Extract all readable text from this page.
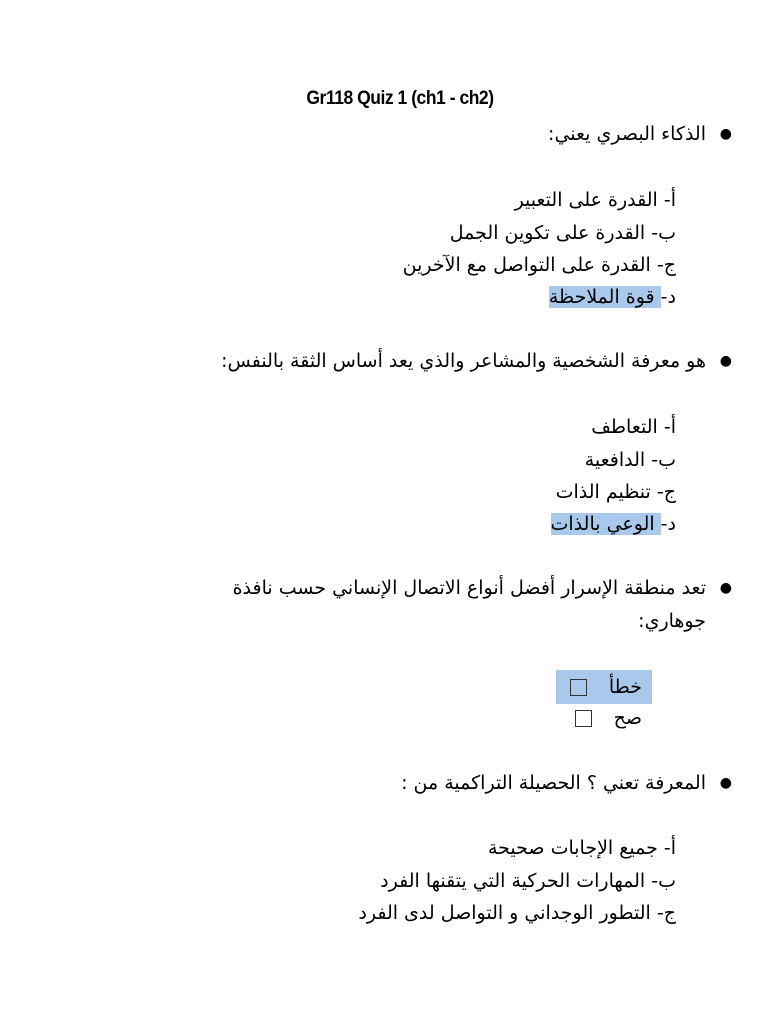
Gr118 Quiz 1 (ch1 - ch2)
●
الذكاء البصري يعني:
أ- القدرة على التعبير
ب- القدرة على تكوين الجمل
ج- القدرة على التواصل مع الآخرين
د- قوة الملاحظة
●
هو معرفة الشخصية والمشاعر والذي يعد أساس الثقة بالنفس:
أ- التعاطف
ب- الدافعية
ج- تنظيم الذات
د- الوعي بالذات
●
تعد منطقة الإسرار أفضل أنواع الاتصال الإنساني حسب نافذة
جوهاري:
خطأ
صح
●
المعرفة تعني ؟ الحصيلة التراكمية من :
أ- جميع الإجابات صحيحة
ب- المهارات الحركية التي يتقنها الفرد
ج- التطور الوجداني و التواصل لدى الفرد
